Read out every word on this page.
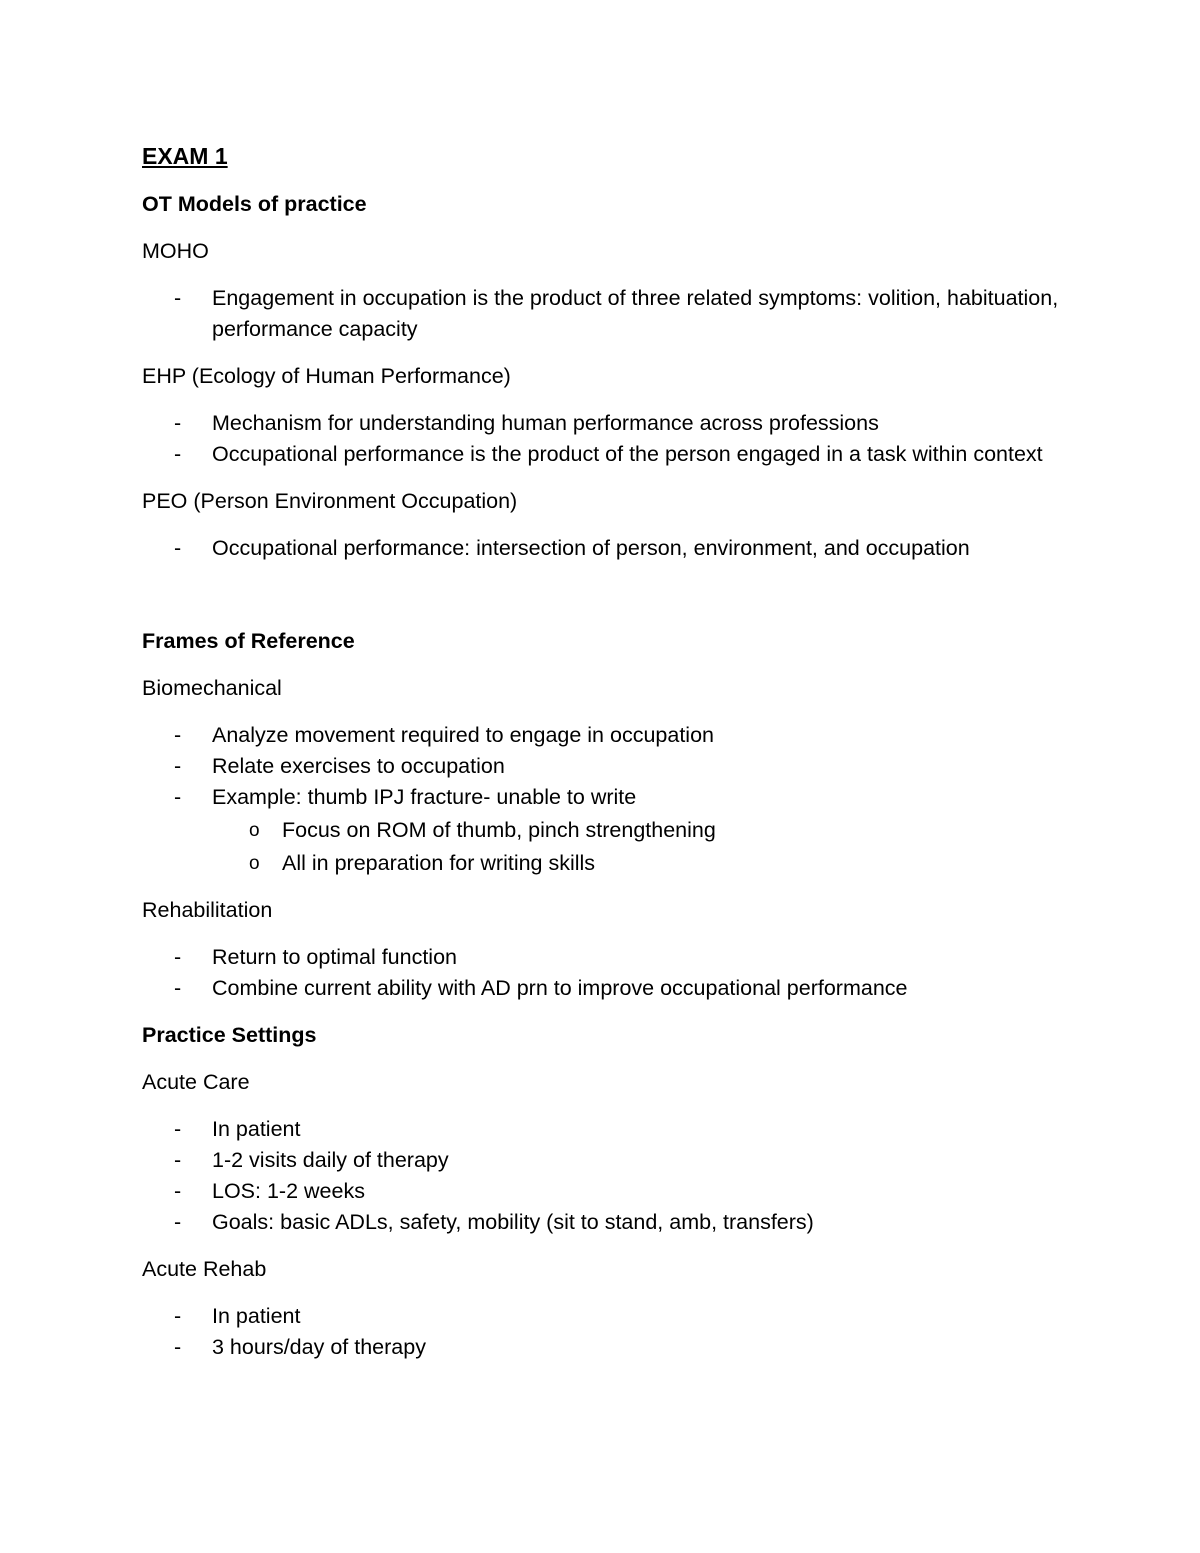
EXAM 1
OT Models of practice
MOHO
- Engagement in occupation is the product of three related symptoms: volition, habituation, performance capacity
EHP (Ecology of Human Performance)
- Mechanism for understanding human performance across professions
- Occupational performance is the product of the person engaged in a task within context
PEO (Person Environment Occupation)
- Occupational performance: intersection of person, environment, and occupation
Frames of Reference
Biomechanical
- Analyze movement required to engage in occupation
- Relate exercises to occupation
- Example: thumb IPJ fracture- unable to write
o Focus on ROM of thumb, pinch strengthening
o All in preparation for writing skills
Rehabilitation
- Return to optimal function
- Combine current ability with AD prn to improve occupational performance
Practice Settings
Acute Care
- In patient
- 1-2 visits daily of therapy
- LOS: 1-2 weeks
- Goals: basic ADLs, safety, mobility (sit to stand, amb, transfers)
Acute Rehab
- In patient
- 3 hours/day of therapy
